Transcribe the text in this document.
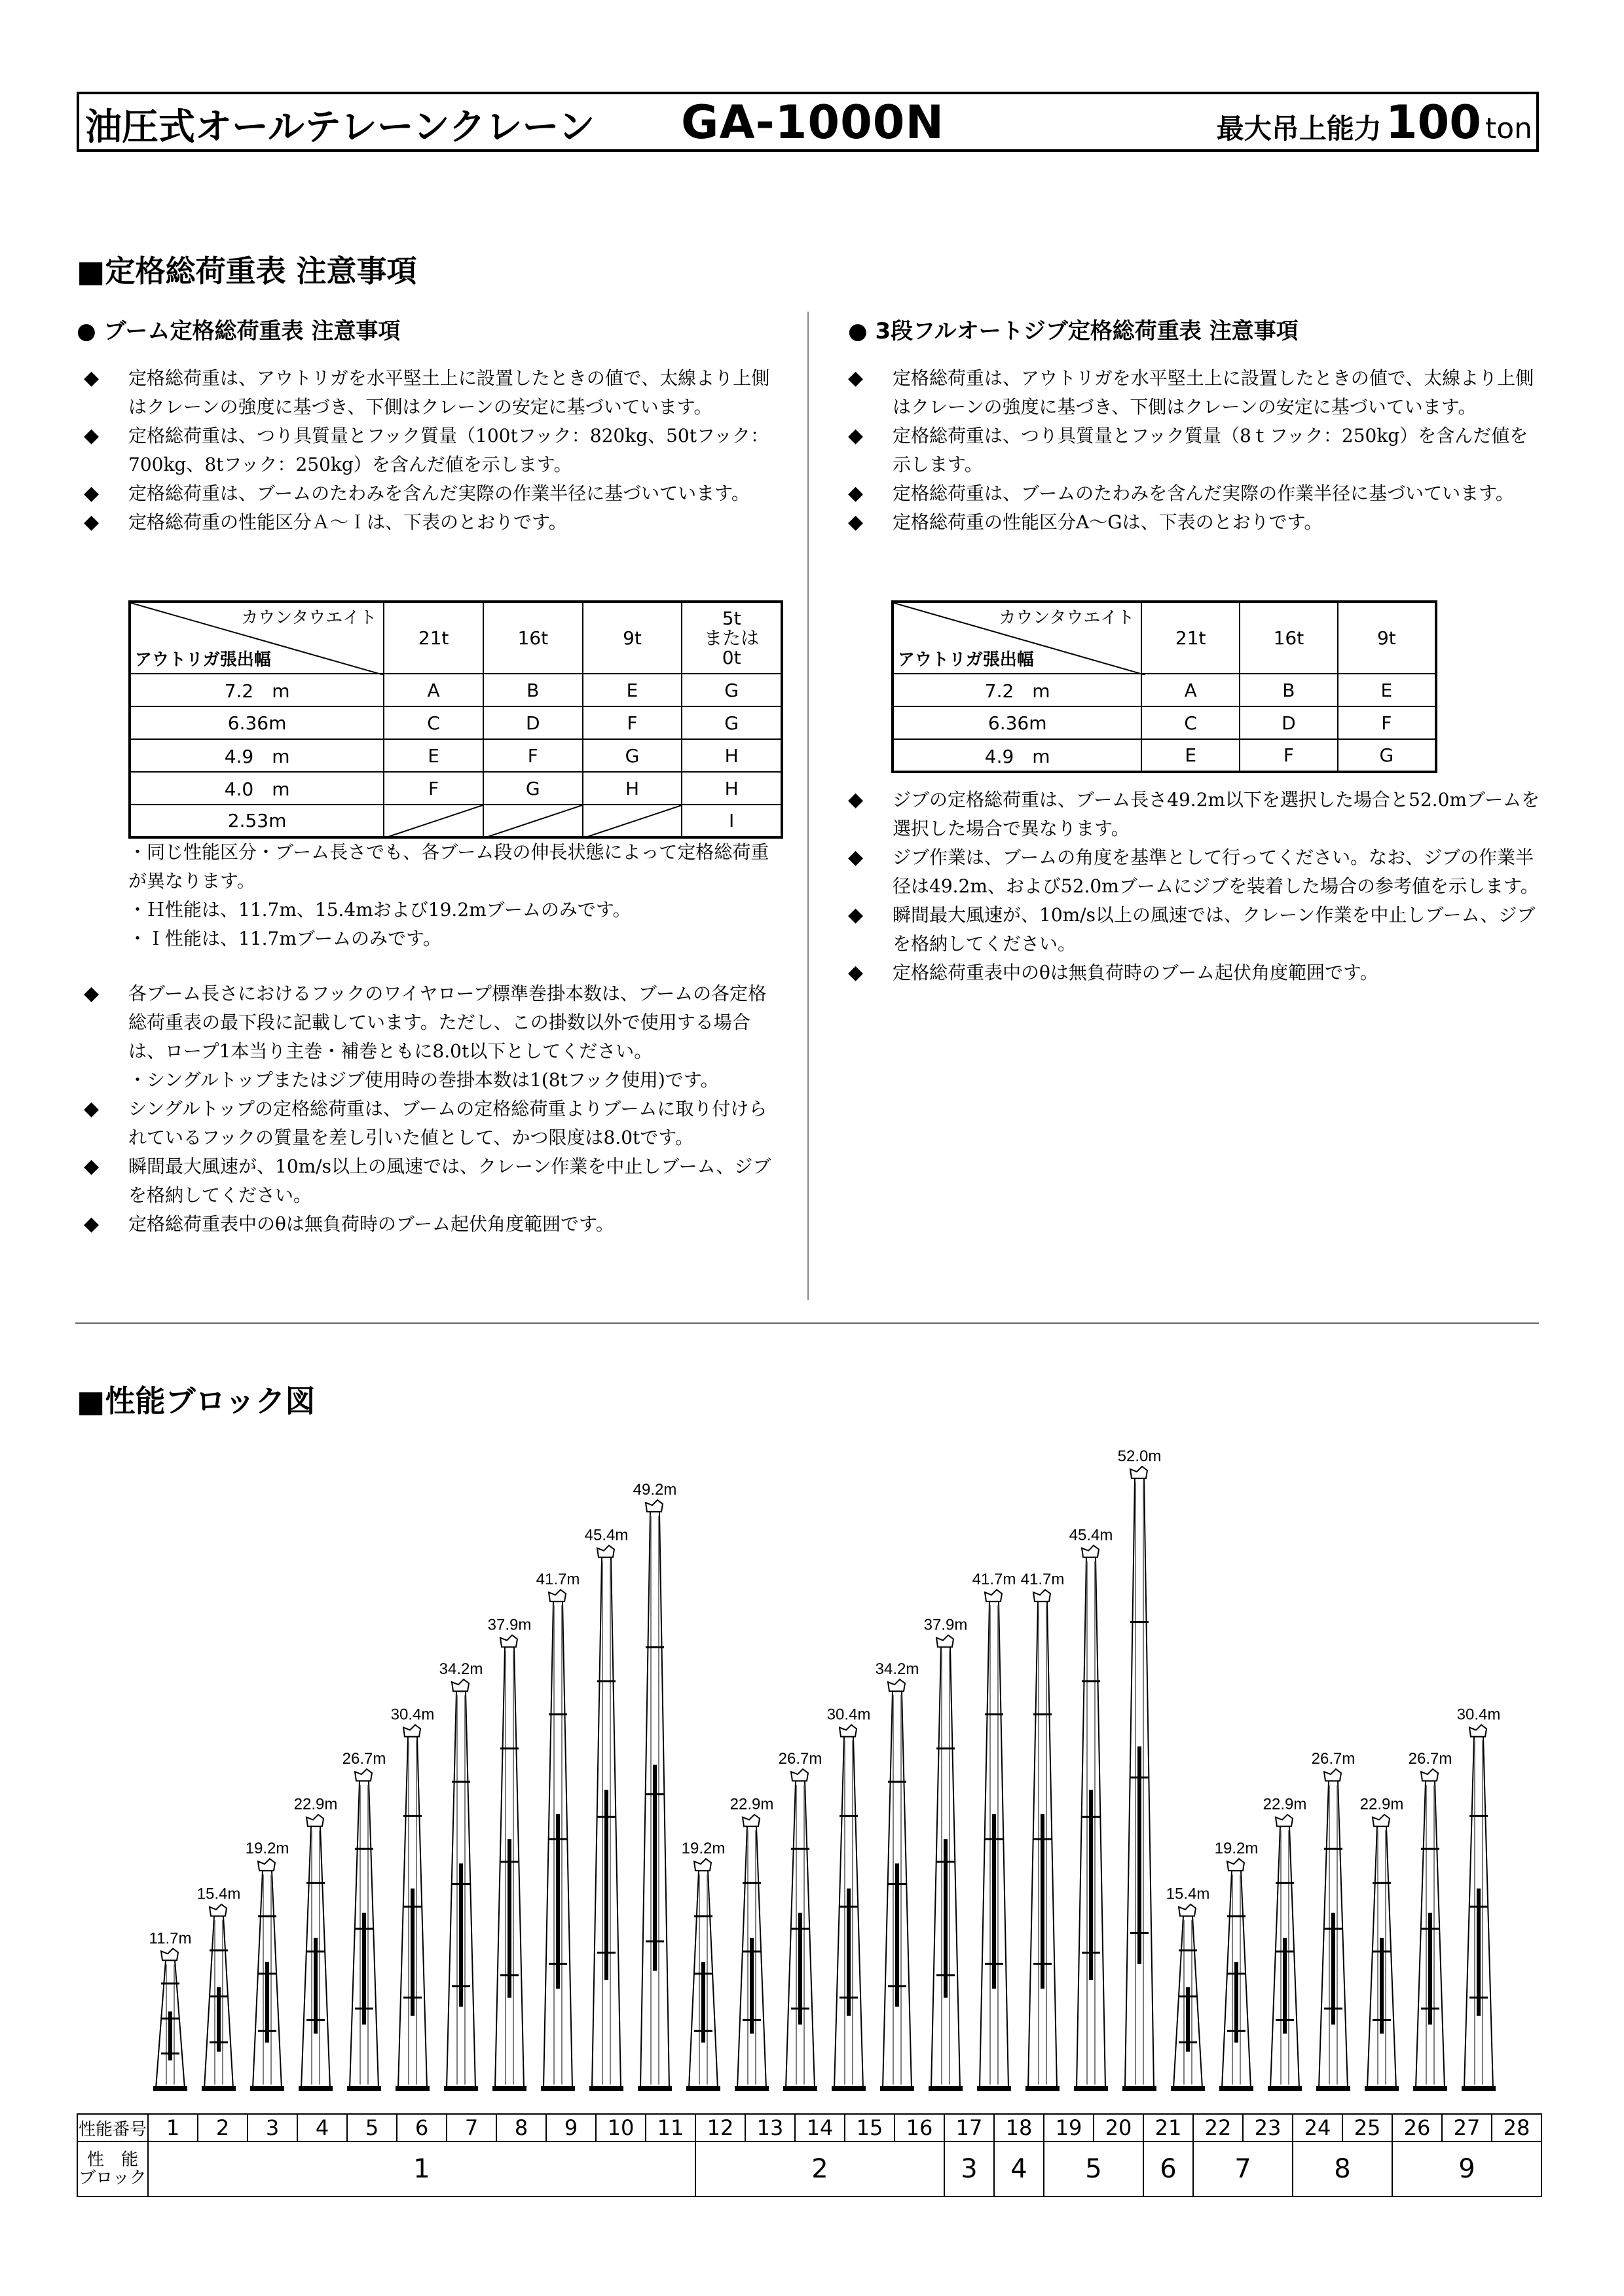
油圧式オールテレーンクレーン GA-1000N	最大吊上能力 100 ton
■定格総荷重表 注意事項
● ブーム定格総荷重表 注意事項
◆ 定格総荷重は、アウトリガを水平堅土上に設置したときの値で、太線より上側はクレーンの強度に基づき、下側はクレーンの安定に基づいています。
◆ 定格総荷重は、つり具質量とフック質量（100tフック：820kg、50tフック：700kg、8tフック：250kg）を含んだ値を示します。
◆ 定格総荷重は、ブームのたわみを含んだ実際の作業半径に基づいています。
◆ 定格総荷重の性能区分Ａ～Ｉは、下表のとおりです。
カウンタウエイト
アウトリガ張出幅	21t	16t	9t	5t
または
0t
7.2　m	A	B	E	G
6.36m	C	D	F	G
4.9　m	E	F	G	H
4.0　m	F	G	H	H
2.53m				I
・同じ性能区分・ブーム長さでも、各ブーム段の伸長状態によって定格総荷重が異なります。
・Ｈ性能は、11.7m、15.4mおよび19.2mブームのみです。
・Ｉ性能は、11.7mブームのみです。
◆ 各ブーム長さにおけるフックのワイヤロープ標準巻掛本数は、ブームの各定格総荷重表の最下段に記載しています。ただし、この掛数以外で使用する場合は、ロープ1本当り主巻・補巻ともに8.0t以下としてください。
・シングルトップまたはジブ使用時の巻掛本数は1(8tフック使用)です。
◆ シングルトップの定格総荷重は、ブームの定格総荷重よりブームに取り付けられているフックの質量を差し引いた値として、かつ限度は8.0tです。
◆ 瞬間最大風速が、10m/s以上の風速では、クレーン作業を中止しブーム、ジブを格納してください。
◆ 定格総荷重表中のθは無負荷時のブーム起伏角度範囲です。
● 3段フルオートジブ定格総荷重表 注意事項
◆ 定格総荷重は、アウトリガを水平堅土上に設置したときの値で、太線より上側はクレーンの強度に基づき、下側はクレーンの安定に基づいています。
◆ 定格総荷重は、つり具質量とフック質量（8ｔフック：250kg）を含んだ値を示します。
◆ 定格総荷重は、ブームのたわみを含んだ実際の作業半径に基づいています。
◆ 定格総荷重の性能区分A～Gは、下表のとおりです。
カウンタウエイト
アウトリガ張出幅	21t	16t	9t
7.2　m	A	B	E
6.36m	C	D	F
4.9　m	E	F	G
◆ ジブの定格総荷重は、ブーム長さ49.2m以下を選択した場合と52.0mブームを選択した場合で異なります。
◆ ジブ作業は、ブームの角度を基準として行ってください。なお、ジブの作業半径は49.2m、および52.0mブームにジブを装着した場合の参考値を示します。
◆ 瞬間最大風速が、10m/s以上の風速では、クレーン作業を中止しブーム、ジブを格納してください。
◆ 定格総荷重表中のθは無負荷時のブーム起伏角度範囲です。
■性能ブロック図
11.7m
15.4m
19.2m
22.9m
26.7m
30.4m
34.2m
37.9m
41.7m
45.4m
49.2m
19.2m
22.9m
26.7m
30.4m
34.2m
37.9m
41.7m 41.7m
45.4m
52.0m
15.4m
19.2m
22.9m
26.7m
22.9m
26.7m
30.4m
性能番号	1	2	3	4	5	6	7	8	9	10	11	12	13	14	15	16	17	18	19	20	21	22	23	24	25	26	27	28

性　能
ブロック	1											2					3	4	5		6	7		8		9		
